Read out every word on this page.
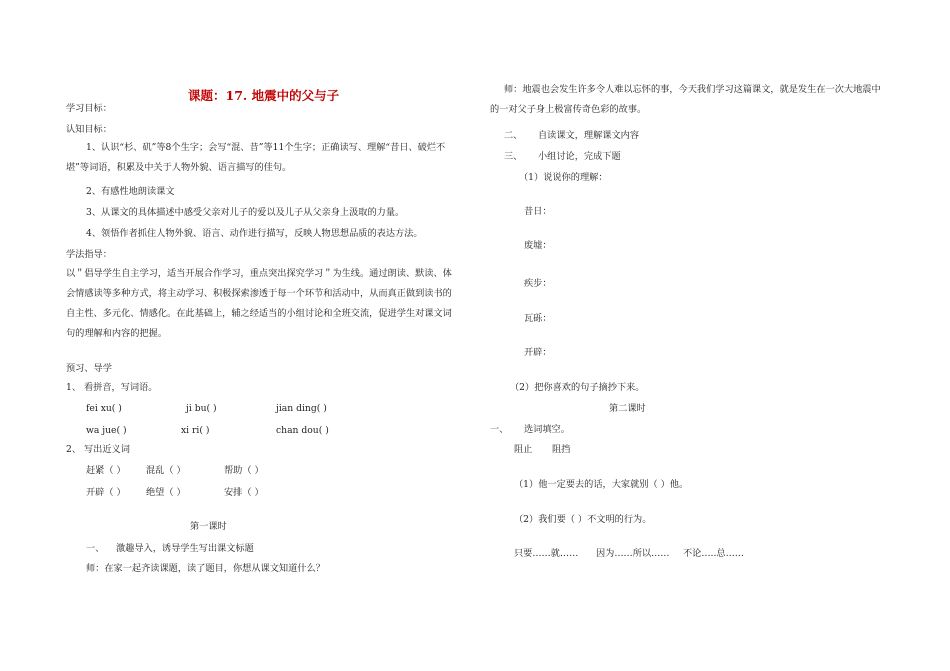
课题：17. 地震中的父与子
学习目标：
认知目标：
1、认识“杉、矶”等8个生字；会写“混、昔”等11个生字；正确读写、理解“昔日、破烂不堪”等词语，积累及中关于人物外貌、语言描写的佳句。
2、有感性地朗读课文
3、从课文的具体描述中感受父亲对儿子的爱以及儿子从父亲身上汲取的力量。
4、领悟作者抓住人物外貌、语言、动作进行描写，反映人物思想品质的表达方法。
学法指导：
以＂倡导学生自主学习，适当开展合作学习，重点突出探究学习＂为生线。通过朗读、默读、体会情感读等多种方式，将主动学习、积极探索渗透于每一个环节和活动中，从而真正做到读书的自主性、多元化、情感化。在此基础上，辅之经适当的小组讨论和全班交流，促进学生对课文词句的理解和内容的把握。
预习、导学
1、 看拼音，写词语。
fei xu( )	ji bu( )	jian ding( )
wa jue( )	xi ri( )	chan dou( )
2、 写出近义词
赶紧（ ） 混乱（ ）	帮助（ ）
开辟（ ） 绝望（ ）	安排（ ）
第一课时
一、 激趣导入，诱导学生写出课文标题
师：在家一起齐读课题，读了题目，你想从课文知道什么？
师：地震也会发生许多令人难以忘怀的事，今天我们学习这篇课文，就是发生在一次大地震中的一对父子身上极富传奇色彩的故事。
二、 自读课文，理解课文内容
三、 小组讨论，完成下题
（1）说说你的理解：
昔日：
废墟：
疾步：
瓦砾：
开辟：
（2）把你喜欢的句子摘抄下来。
第二课时
一、 选词填空。
阻止 阻挡
（1）他一定要去的话，大家就别（ ）他。
（2）我们要（ ）不文明的行为。
只要……就…… 因为……所以…… 不论…..总……
